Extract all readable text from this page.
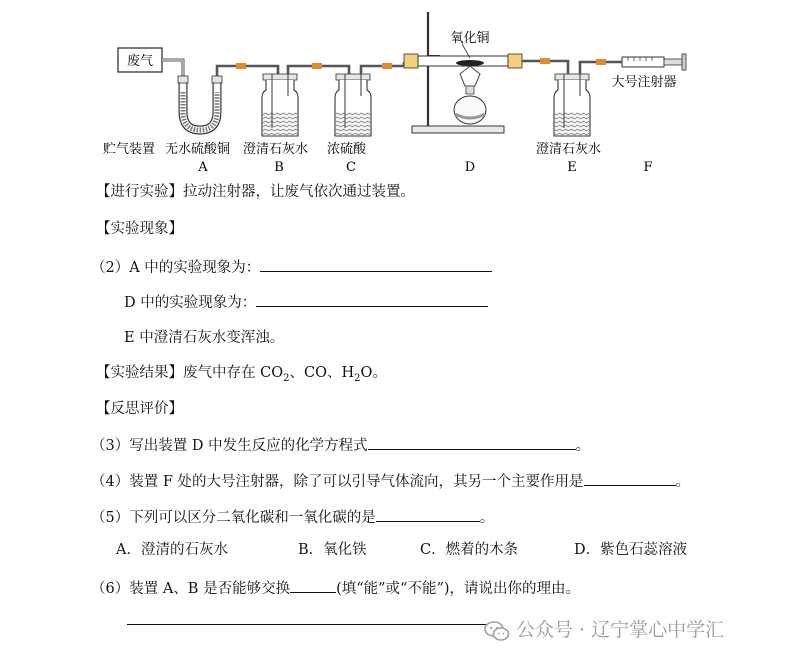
废气
氧化铜
大号注射器
贮气装置 无水硫酸铜 澄清石灰水 浓硫酸	澄清石灰水
A	B	C	D	E	F
【进行实验】拉动注射器，让废气依次通过装置。
【实验现象】
（2）A 中的实验现象为：
D 中的实验现象为：
E 中澄清石灰水变浑浊。
【实验结果】废气中存在 $CO_2$、CO、$H_2O$。
【反思评价】
（3）写出装置 D 中发生反应的化学方程式	。
（4）装置 F 处的大号注射器，除了可以引导气体流向，其另一个主要作用是	。
（5）下列可以区分二氧化碳和一氧化碳的是	。
A．澄清的石灰水	B．氧化铁	C．燃着的木条	D．紫色石蕊溶液
（6）装置 A、B 是否能够交换	(填“能”或“不能”)，请说出你的理由。
公众号 · 辽宁掌心中学汇
